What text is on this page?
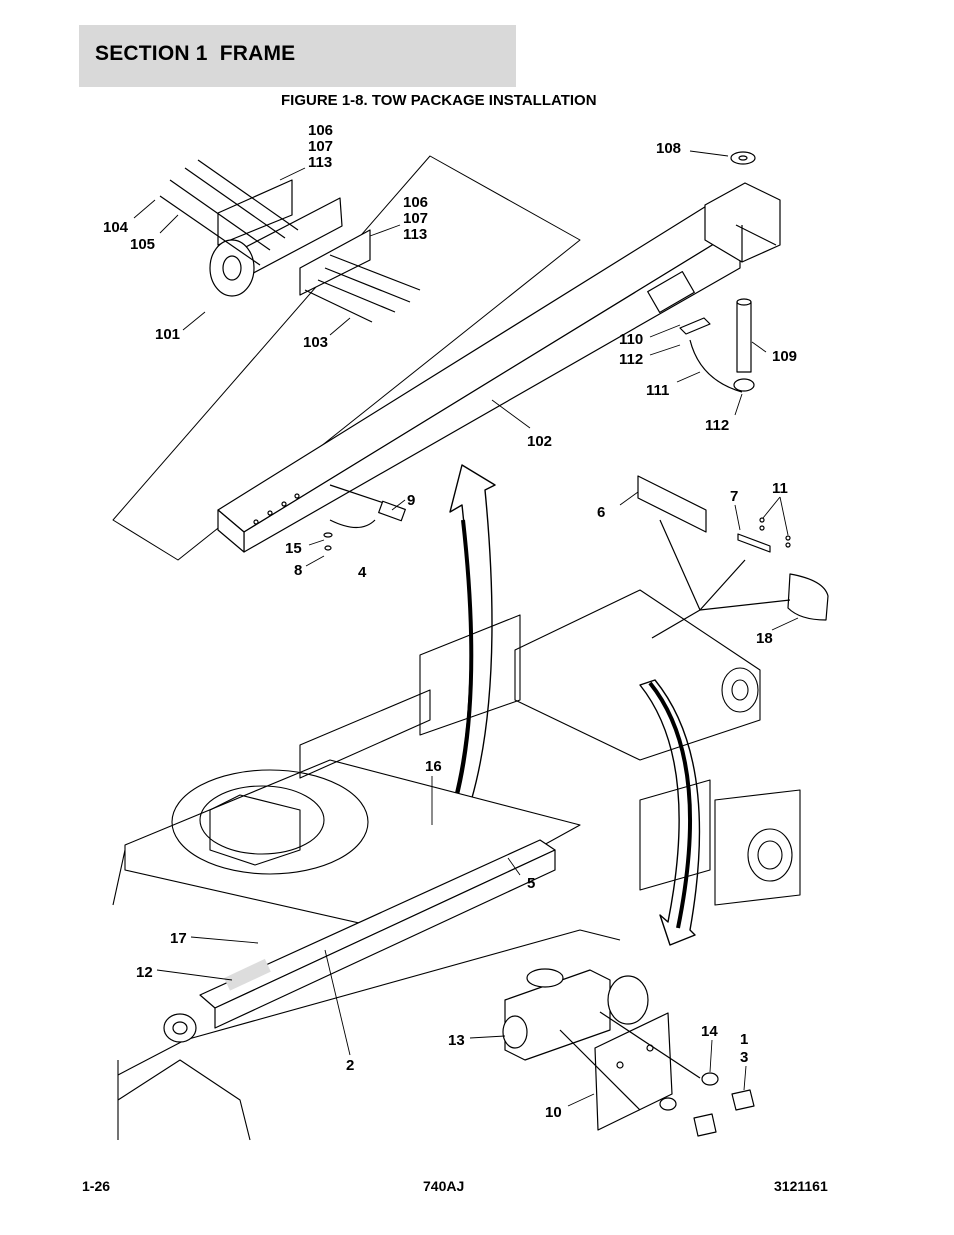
SECTION 1  FRAME
FIGURE 1-8. TOW PACKAGE INSTALLATION
106
107
113
106
107
113
104
105
101	103
108
110
112	109
111
112
102
9
15
8	4
6
7 11
18
16
5
17
12
2
13
10
14 1
3
1-26	740AJ	3121161
